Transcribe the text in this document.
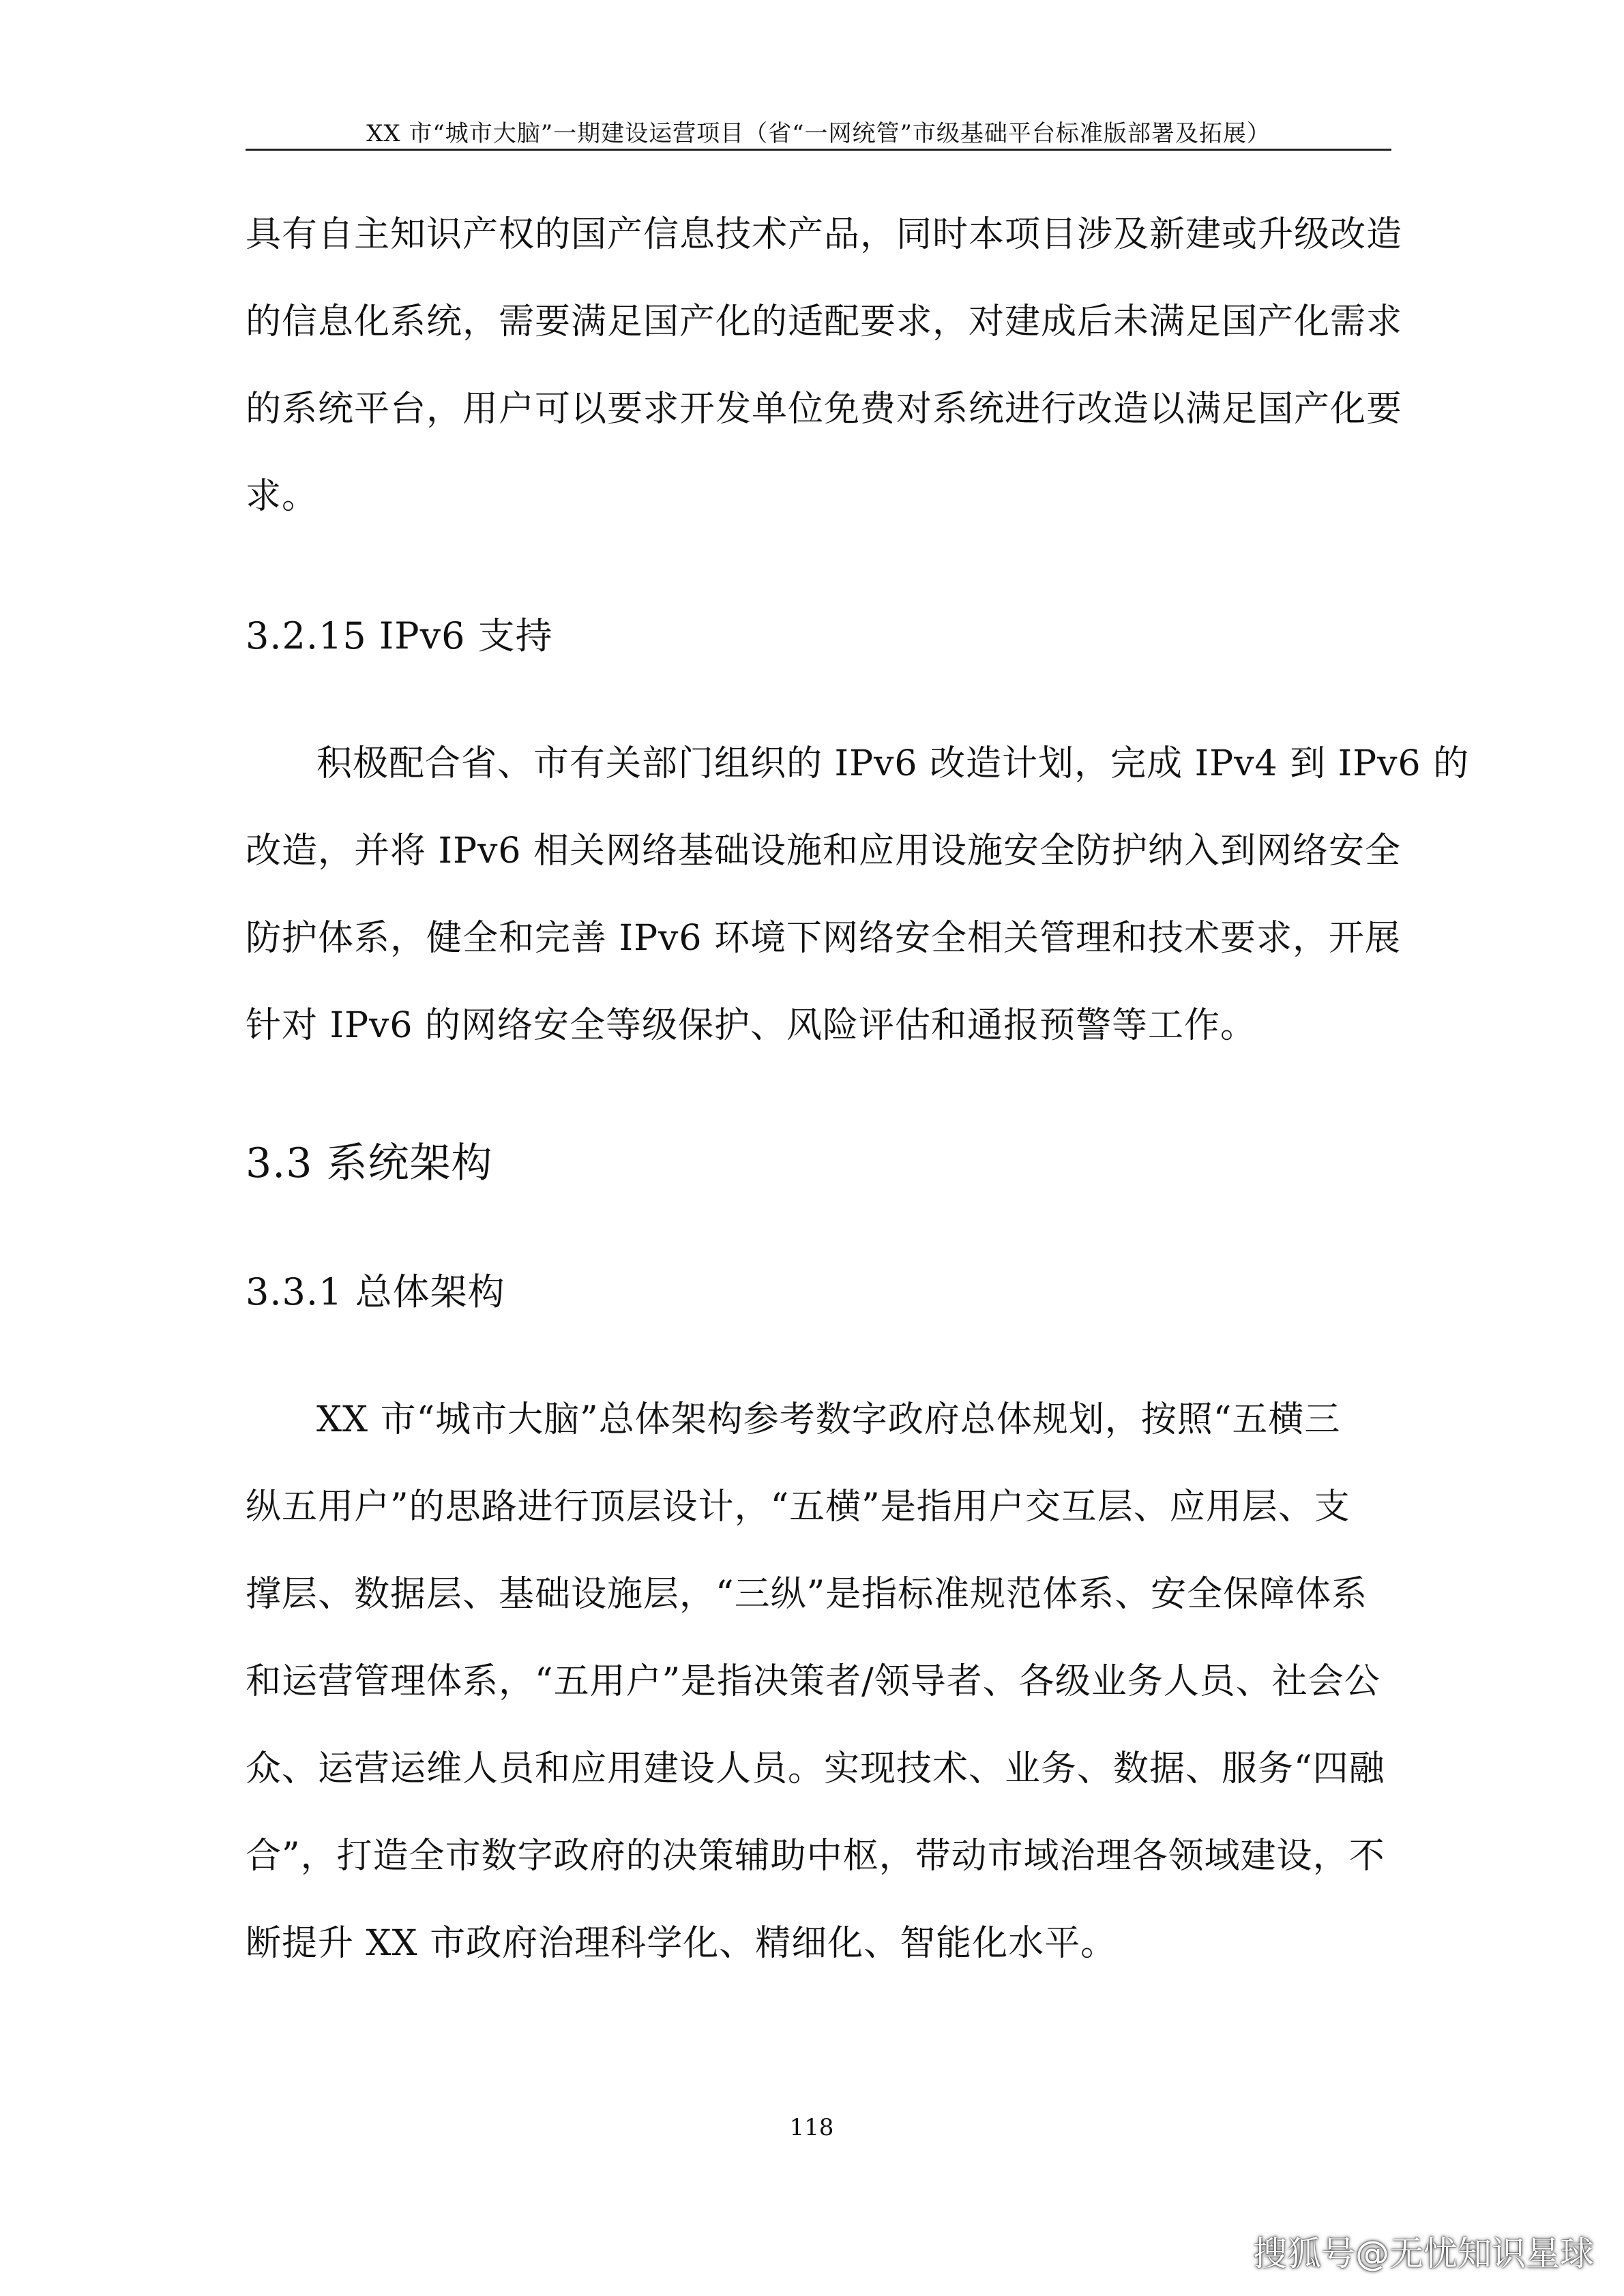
XX 市“城市大脑”一期建设运营项目（省“一网统管”市级基础平台标准版部署及拓展）
具有自主知识产权的国产信息技术产品，同时本项目涉及新建或升级改造
的信息化系统，需要满足国产化的适配要求，对建成后未满足国产化需求
的系统平台，用户可以要求开发单位免费对系统进行改造以满足国产化要
求。
3.2.15 IPv6 支持
积极配合省、市有关部门组织的 IPv6 改造计划，完成 IPv4 到 IPv6 的
改造，并将 IPv6 相关网络基础设施和应用设施安全防护纳入到网络安全
防护体系，健全和完善 IPv6 环境下网络安全相关管理和技术要求，开展
针对 IPv6 的网络安全等级保护、风险评估和通报预警等工作。
3.3 系统架构
3.3.1 总体架构
XX 市“城市大脑”总体架构参考数字政府总体规划，按照“五横三
纵五用户”的思路进行顶层设计，“五横”是指用户交互层、应用层、支
撑层、数据层、基础设施层，“三纵”是指标准规范体系、安全保障体系
和运营管理体系，“五用户”是指决策者/领导者、各级业务人员、社会公
众、运营运维人员和应用建设人员。实现技术、业务、数据、服务“四融
合”，打造全市数字政府的决策辅助中枢，带动市域治理各领域建设，不
断提升 XX 市政府治理科学化、精细化、智能化水平。
118
搜狐号@无忧知识星球
